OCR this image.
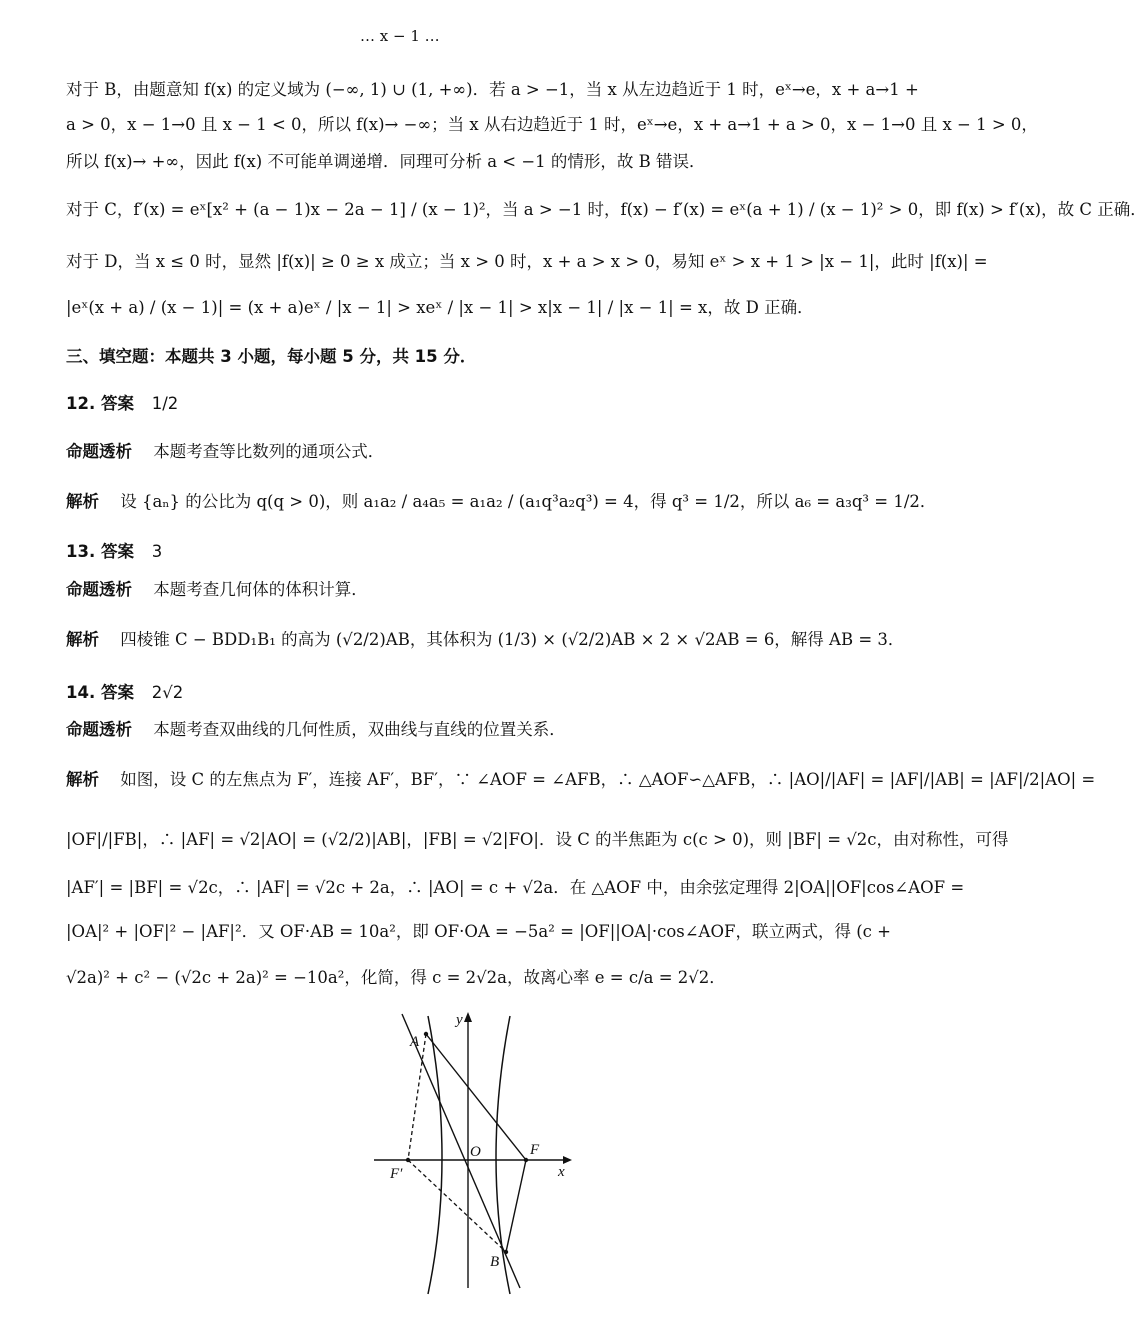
… x − 1 …
对于 B，由题意知 f(x) 的定义域为 (−∞, 1) ∪ (1, +∞)．若 a > −1，当 x 从左边趋近于 1 时，eˣ→e，x + a→1 +
a > 0，x − 1→0 且 x − 1 < 0，所以 f(x)→ −∞；当 x 从右边趋近于 1 时，eˣ→e，x + a→1 + a > 0，x − 1→0 且 x − 1 > 0，
所以 f(x)→ +∞，因此 f(x) 不可能单调递增．同理可分析 a < −1 的情形，故 B 错误．
对于 C，f′(x) = eˣ[x² + (a − 1)x − 2a − 1] / (x − 1)²，当 a > −1 时，f(x) − f′(x) = eˣ(a + 1) / (x − 1)² > 0，即 f(x) > f′(x)，故 C 正确．
对于 D，当 x ≤ 0 时，显然 |f(x)| ≥ 0 ≥ x 成立；当 x > 0 时，x + a > x > 0，易知 eˣ > x + 1 > |x − 1|，此时 |f(x)| =
|eˣ(x + a) / (x − 1)| = (x + a)eˣ / |x − 1| > xeˣ / |x − 1| > x|x − 1| / |x − 1| = x，故 D 正确．
三、填空题：本题共 3 小题，每小题 5 分，共 15 分．
12. 答案 1/2
命题透析 本题考查等比数列的通项公式．
解析 设 {aₙ} 的公比为 q(q > 0)，则 a₁a₂ / a₄a₅ = a₁a₂ / (a₁q³a₂q³) = 4，得 q³ = 1/2，所以 a₆ = a₃q³ = 1/2．
13. 答案 3
命题透析 本题考查几何体的体积计算．
解析 四棱锥 C − BDD₁B₁ 的高为 (√2/2)AB，其体积为 (1/3) × (√2/2)AB × 2 × √2AB = 6，解得 AB = 3．
14. 答案 2√2
命题透析 本题考查双曲线的几何性质，双曲线与直线的位置关系．
解析 如图，设 C 的左焦点为 F′，连接 AF′，BF′，∵ ∠AOF = ∠AFB，∴ △AOF∽△AFB，∴ |AO|/|AF| = |AF|/|AB| = |AF|/2|AO| =
|OF|/|FB|，∴ |AF| = √2|AO| = (√2/2)|AB|，|FB| = √2|FO|．设 C 的半焦距为 c(c > 0)，则 |BF| = √2c，由对称性，可得
|AF′| = |BF| = √2c，∴ |AF| = √2c + 2a，∴ |AO| = c + √2a．在 △AOF 中，由余弦定理得 2|OA||OF|cos∠AOF =
|OA|² + |OF|² − |AF|²．又 OF·AB = 10a²，即 OF·OA = −5a² = |OF||OA|·cos∠AOF，联立两式，得 (c +
√2a)² + c² − (√2c + 2a)² = −10a²，化简，得 c = 2√2a，故离心率 e = c/a = 2√2．
y
x
A
O	F
F′
B
